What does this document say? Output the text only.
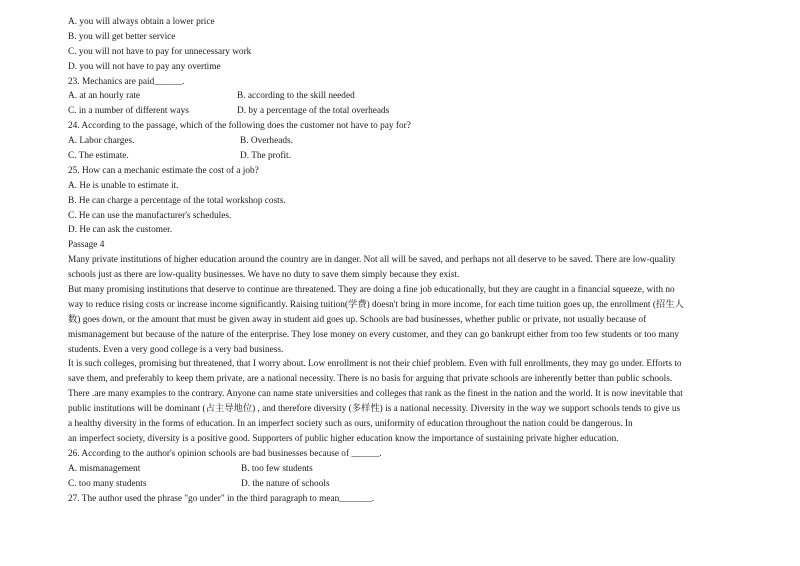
A. you will always obtain a lower price
B. you will get better service
C. you will not have to pay for unnecessary work
D. you will not have to pay any overtime
23. Mechanics are paid______.
A. at an hourly rate	B. according to the skill needed
C. in a number of different ways	D. by a percentage of the total overheads
24. According to the passage, which of the following does the customer not have to pay for?
A. Labor charges.	B. Overheads.
C. The estimate.	D. The profit.
25. How can a mechanic estimate the cost of a job?
A. He is unable to estimate it.
B. He can charge a percentage of the total workshop costs.
C. He can use the manufacturer's schedules.
D. He can ask the customer.
Passage 4
Many private institutions of higher education around the country are in danger. Not all will be saved, and perhaps not all deserve to be saved. There are low-quality
schools just as there are low-quality businesses. We have no duty to save them simply because they exist.
But many promising institutions that deserve to continue are threatened. They are doing a fine job educationally, but they are caught in a financial squeeze, with no
way to reduce rising costs or increase income significantly. Raising tuition(学费) doesn't bring in more income, for each time tuition goes up, the enrollment (招生人
数) goes down, or the amount that must be given away in student aid goes up. Schools are bad businesses, whether public or private, not usually because of
mismanagement but because of the nature of the enterprise. They lose money on every customer, and they can go bankrupt either from too few students or too many
students. Even a very good college is a very bad business.
It is such colleges, promising but threatened, that I worry about. Low enrollment is not their chief problem. Even with full enrollments, they may go under. Efforts to
save them, and preferably to keep them private, are a national necessity. There is no basis for arguing that private schools are inherently better than public schools.
There .are many examples to the contrary. Anyone can name state universities and colleges that rank as the finest in the nation and the world. It is now inevitable that
public institutions will be dominant (占主导地位) , and therefore diversity (多样性) is a national necessity. Diversity in the way we support schools tends to give us
a healthy diversity in the forms of education. In an imperfect society such as ours, uniformity of education throughout the nation could be dangerous. In
an imperfect society, diversity is a positive good. Supporters of public higher education know the importance of sustaining private higher education.
26. According to the author's opinion schools are bad businesses because of ______.
A. mismanagement	B. too few students
C. too many students	D. the nature of schools
27. The author used the phrase "go under" in the third paragraph to mean_______.
